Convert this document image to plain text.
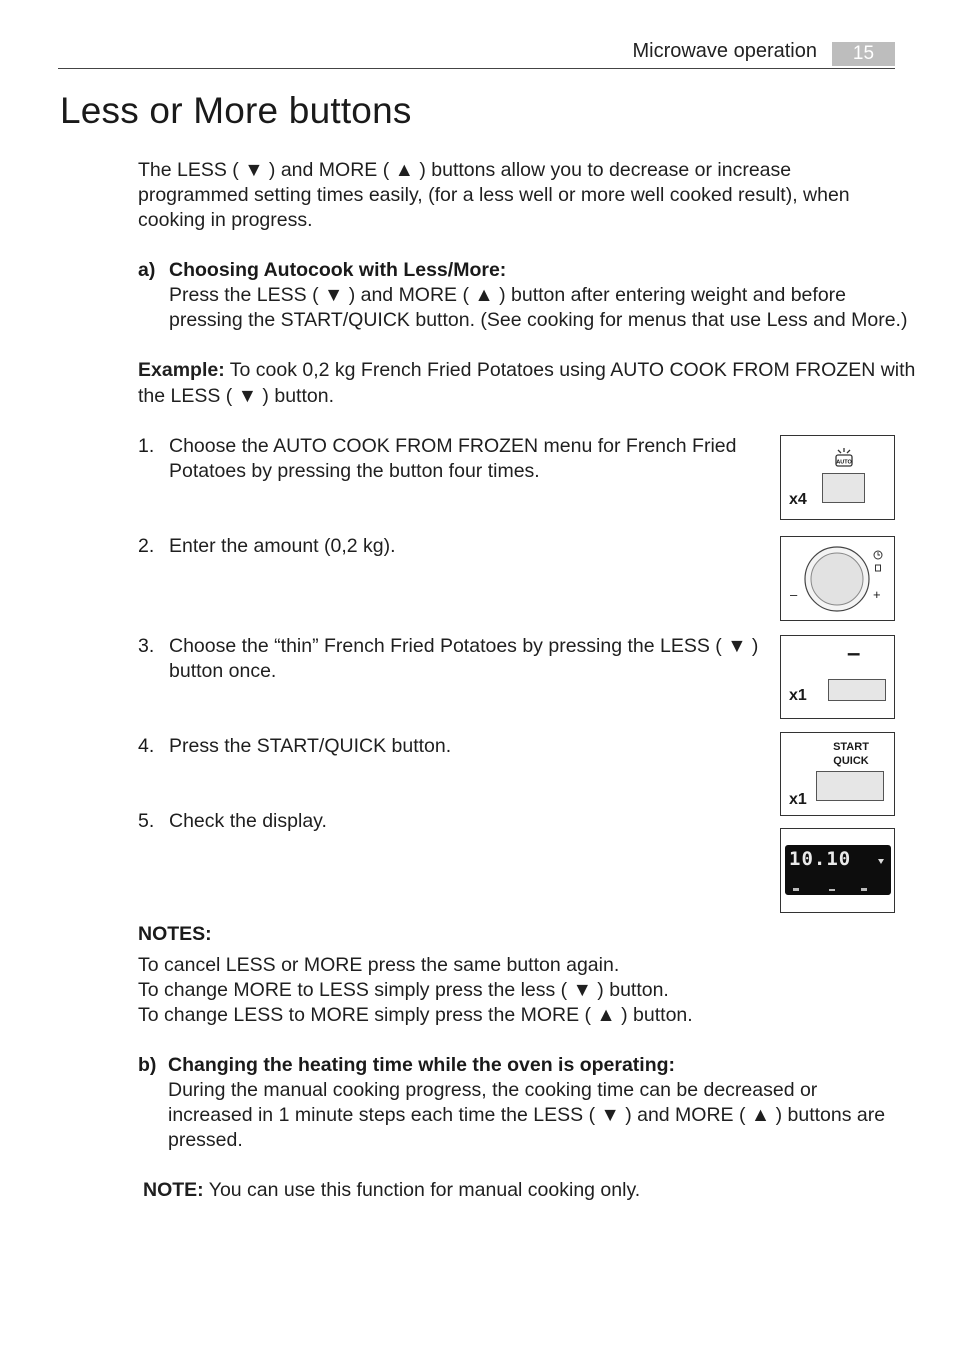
Microwave operation	15
Less or More buttons
The LESS ( ▼ ) and MORE ( ▲ ) buttons allow you to decrease or increase
programmed setting times easily, (for a less well or more well cooked result), when
cooking in progress.
a) Choosing Autocook with Less/More:
Press the LESS ( ▼ ) and MORE ( ▲ ) button after entering weight and before
pressing the START/QUICK button. (See cooking for menus that use Less and More.)
Example: To cook 0,2 kg French Fried Potatoes using AUTO COOK FROM FROZEN with
the LESS ( ▼ ) button.
1. Choose the AUTO COOK FROM FROZEN menu for French Fried
Potatoes by pressing the button four times.
2. Enter the amount (0,2 kg).
3. Choose the “thin” French Fried Potatoes by pressing the LESS ( ▼ )
button once.
4. Press the START/QUICK button.
5. Check the display.
AUTO
x4
–	+
–
x1
START
QUICK
x1
10.10
NOTES:
To cancel LESS or MORE press the same button again.
To change MORE to LESS simply press the less ( ▼ ) button.
To change LESS to MORE simply press the MORE ( ▲ ) button.
b) Changing the heating time while the oven is operating:
During the manual cooking progress, the cooking time can be decreased or
increased in 1 minute steps each time the LESS ( ▼ ) and MORE ( ▲ ) buttons are
pressed.
NOTE: You can use this function for manual cooking only.
